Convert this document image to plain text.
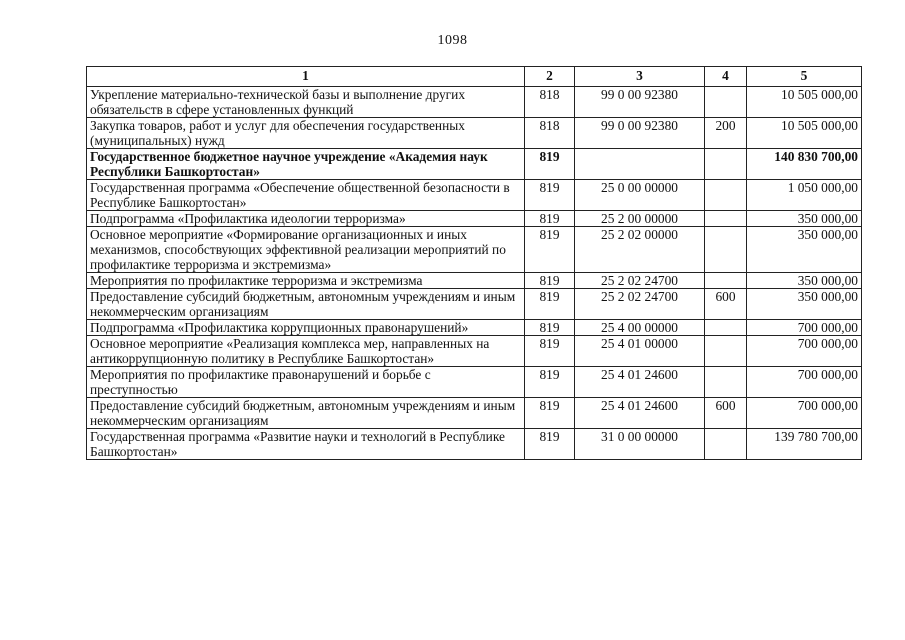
1098
1	2	3	4	5
Укрепление материально-технической базы и выполнение других обязательств в сфере установленных функций	818	99 0 00 92380		10 505 000,00
Закупка товаров, работ и услуг для обеспечения государственных (муниципальных) нужд	818	99 0 00 92380	200	10 505 000,00
Государственное бюджетное научное учреждение «Академия наук Республики Башкортостан»	819			140 830 700,00
Государственная программа «Обеспечение общественной безопасности в Республике Башкортостан»	819	25 0 00 00000		1 050 000,00
Подпрограмма «Профилактика идеологии терроризма»	819	25 2 00 00000		350 000,00
Основное мероприятие «Формирование организационных и иных механизмов, способствующих эффективной реализации мероприятий по профилактике терроризма и экстремизма»	819	25 2 02 00000		350 000,00
Мероприятия по профилактике терроризма и экстремизма	819	25 2 02 24700		350 000,00
Предоставление субсидий бюджетным, автономным учреждениям и иным некоммерческим организациям	819	25 2 02 24700	600	350 000,00
Подпрограмма «Профилактика коррупционных правонарушений»	819	25 4 00 00000		700 000,00
Основное мероприятие «Реализация комплекса мер, направленных на антикоррупционную политику в Республике Башкортостан»	819	25 4 01 00000		700 000,00
Мероприятия по профилактике правонарушений и борьбе с преступностью	819	25 4 01 24600		700 000,00
Предоставление субсидий бюджетным, автономным учреждениям и иным некоммерческим организациям	819	25 4 01 24600	600	700 000,00
Государственная программа «Развитие науки и технологий в Республике Башкортостан»	819	31 0 00 00000		139 780 700,00
